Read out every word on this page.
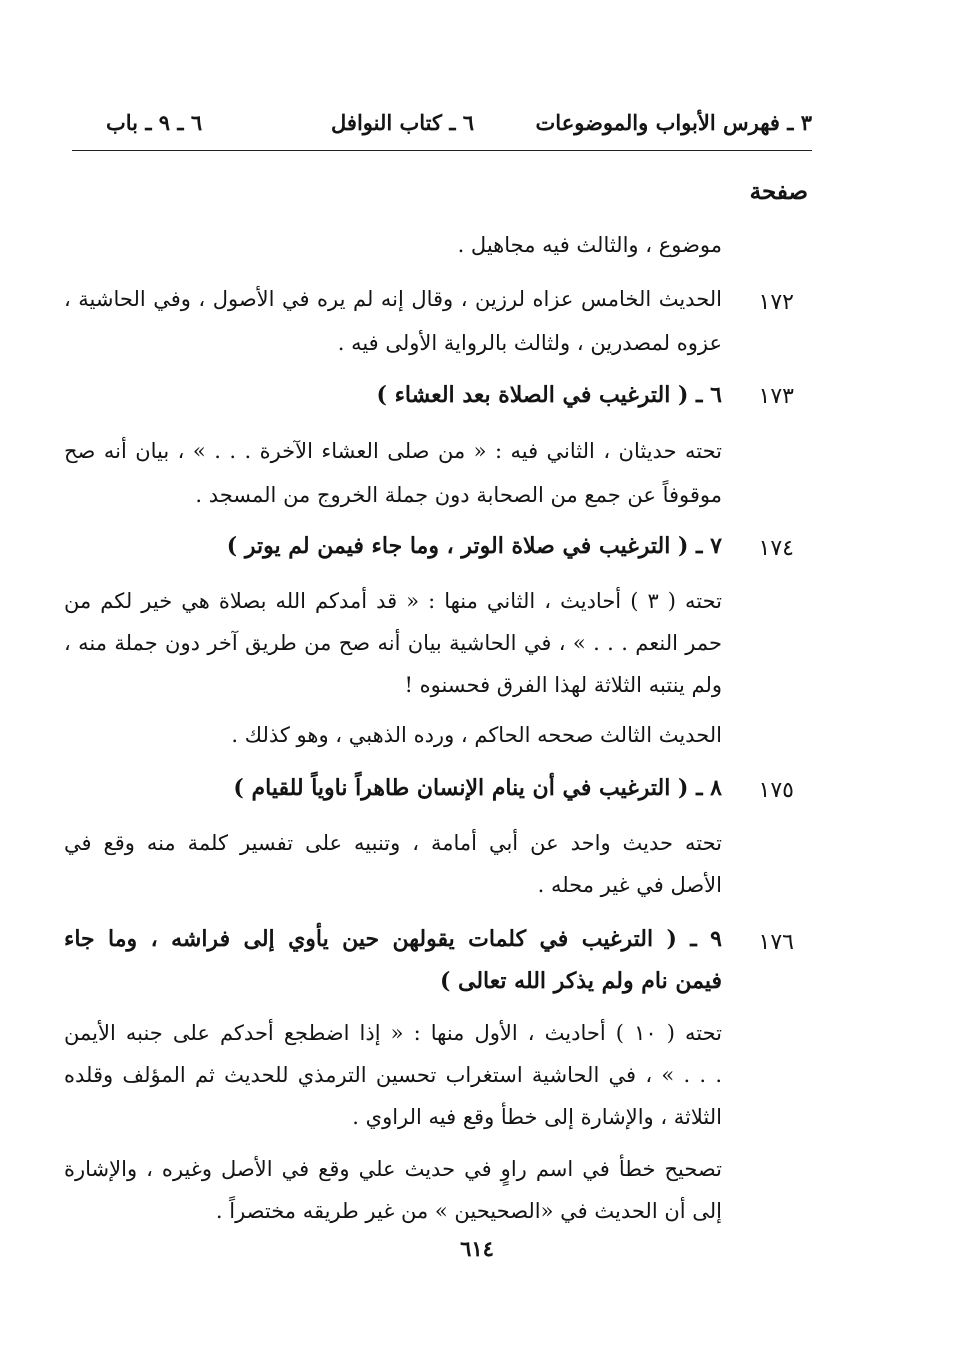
٣ ـ فهرس الأبواب والموضوعات
٦ ـ كتاب النوافل
٦ ـ ٩ ـ باب
صفحة
موضوع ، والثالث فيه مجاهيل .
١٧٢
الحديث الخامس عزاه لرزين ، وقال إنه لم يره في الأصول ، وفي الحاشية ،
عزوه لمصدرين ، ولثالث بالرواية الأولى فيه .
١٧٣
٦ ـ ( الترغيب في الصلاة بعد العشاء )
تحته حديثان ، الثاني فيه : « من صلى العشاء الآخرة . . . » ، بيان أنه صح
موقوفاً عن جمع من الصحابة دون جملة الخروج من المسجد .
١٧٤
٧ ـ ( الترغيب في صلاة الوتر ، وما جاء فيمن لم يوتر )
تحته ( ٣ ) أحاديث ، الثاني منها : « قد أمدكم الله بصلاة هي خير لكم من
حمر النعم . . . » ، في الحاشية بيان أنه صح من طريق آخر دون جملة منه ،
ولم ينتبه الثلاثة لهذا الفرق فحسنوه !
الحديث الثالث صححه الحاكم ، ورده الذهبي ، وهو كذلك .
١٧٥
٨ ـ ( الترغيب في أن ينام الإنسان طاهراً ناوياً للقيام )
تحته حديث واحد عن أبي أمامة ، وتنبيه على تفسير كلمة منه وقع في
الأصل في غير محله .
١٧٦
٩ ـ ( الترغيب في كلمات يقولهن حين يأوي إلى فراشه ، وما جاء
فيمن نام ولم يذكر الله تعالى )
تحته ( ١٠ ) أحاديث ، الأول منها : « إذا اضطجع أحدكم على جنبه الأيمن
. . . » ، في الحاشية استغراب تحسين الترمذي للحديث ثم المؤلف وقلده
الثلاثة ، والإشارة إلى خطأ وقع فيه الراوي .
تصحيح خطأ في اسم راوٍ في حديث علي وقع في الأصل وغيره ، والإشارة
إلى أن الحديث في «الصحيحين » من غير طريقه مختصراً .
٦١٤
